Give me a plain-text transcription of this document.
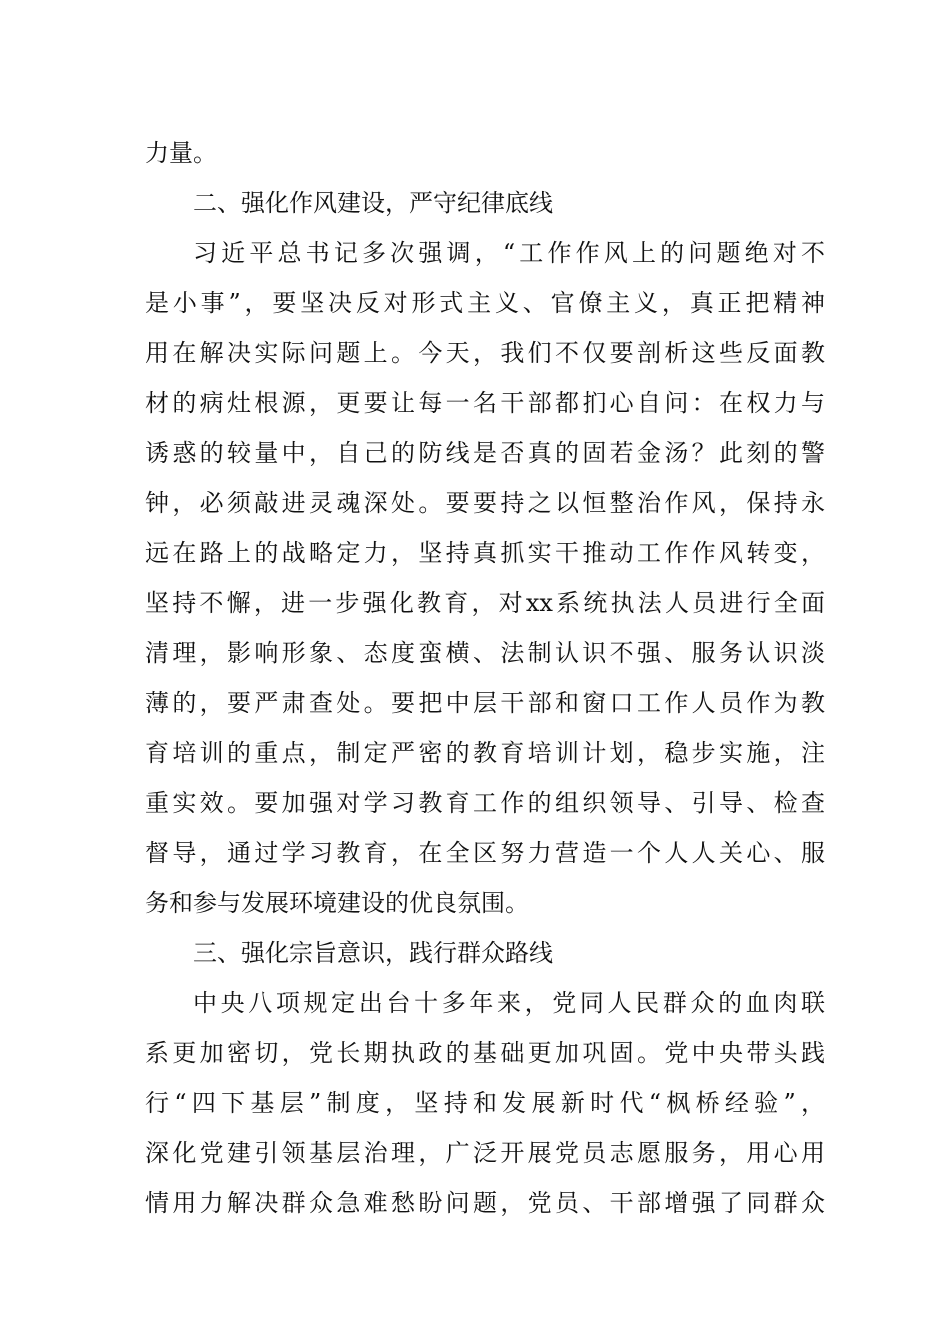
力量。
二、强化作风建设，严守纪律底线
习近平总书记多次强调，“工作作风上的问题绝对不
是小事”，要坚决反对形式主义、官僚主义，真正把精神
用在解决实际问题上。今天，我们不仅要剖析这些反面教
材的病灶根源，更要让每一名干部都扪心自问：在权力与
诱惑的较量中，自己的防线是否真的固若金汤？此刻的警
钟，必须敲进灵魂深处。要要持之以恒整治作风，保持永
远在路上的战略定力，坚持真抓实干推动工作作风转变，
坚持不懈，进一步强化教育，对xx系统执法人员进行全面
清理，影响形象、态度蛮横、法制认识不强、服务认识淡
薄的，要严肃查处。要把中层干部和窗口工作人员作为教
育培训的重点，制定严密的教育培训计划，稳步实施，注
重实效。要加强对学习教育工作的组织领导、引导、检查
督导，通过学习教育，在全区努力营造一个人人关心、服
务和参与发展环境建设的优良氛围。
三、强化宗旨意识，践行群众路线
中央八项规定出台十多年来，党同人民群众的血肉联
系更加密切，党长期执政的基础更加巩固。党中央带头践
行“四下基层”制度，坚持和发展新时代“枫桥经验”，
深化党建引领基层治理，广泛开展党员志愿服务，用心用
情用力解决群众急难愁盼问题，党员、干部增强了同群众
